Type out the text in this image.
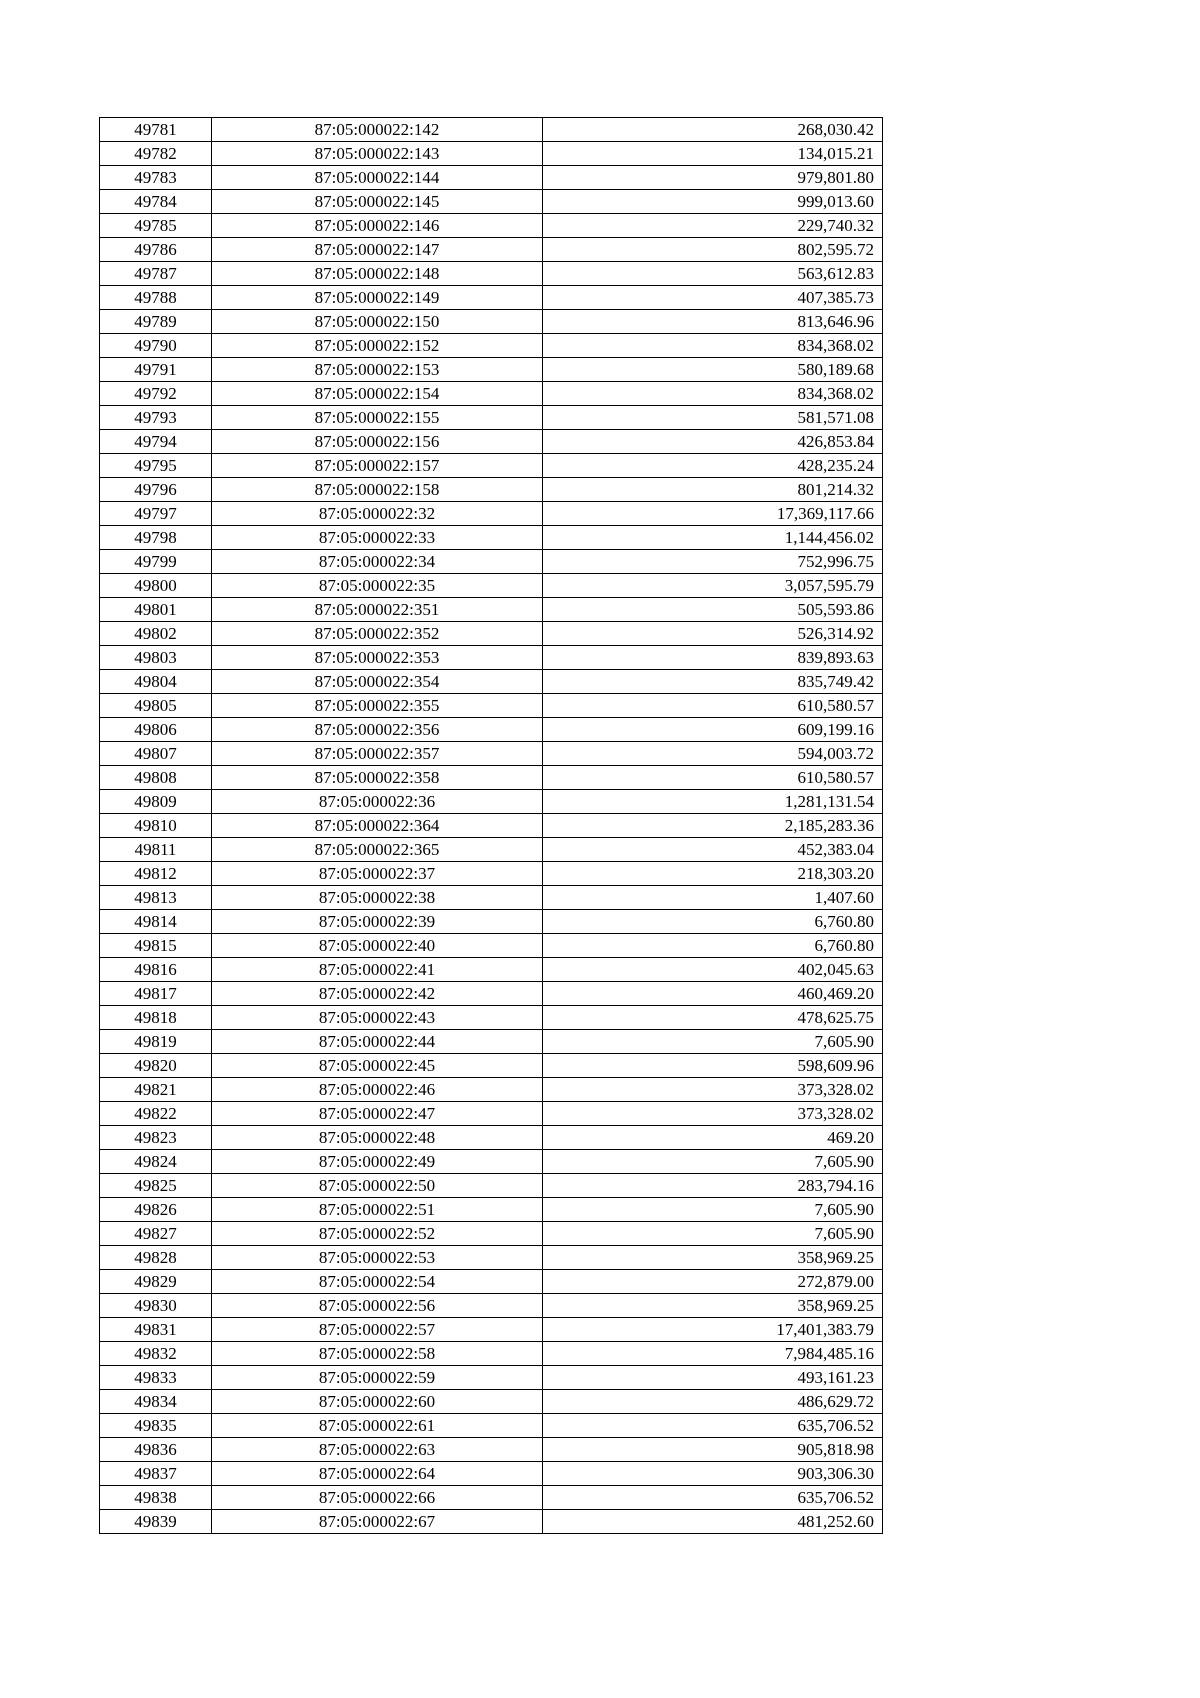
49781	87:05:000022:142	268,030.42
49782	87:05:000022:143	134,015.21
49783	87:05:000022:144	979,801.80
49784	87:05:000022:145	999,013.60
49785	87:05:000022:146	229,740.32
49786	87:05:000022:147	802,595.72
49787	87:05:000022:148	563,612.83
49788	87:05:000022:149	407,385.73
49789	87:05:000022:150	813,646.96
49790	87:05:000022:152	834,368.02
49791	87:05:000022:153	580,189.68
49792	87:05:000022:154	834,368.02
49793	87:05:000022:155	581,571.08
49794	87:05:000022:156	426,853.84
49795	87:05:000022:157	428,235.24
49796	87:05:000022:158	801,214.32
49797	87:05:000022:32	17,369,117.66
49798	87:05:000022:33	1,144,456.02
49799	87:05:000022:34	752,996.75
49800	87:05:000022:35	3,057,595.79
49801	87:05:000022:351	505,593.86
49802	87:05:000022:352	526,314.92
49803	87:05:000022:353	839,893.63
49804	87:05:000022:354	835,749.42
49805	87:05:000022:355	610,580.57
49806	87:05:000022:356	609,199.16
49807	87:05:000022:357	594,003.72
49808	87:05:000022:358	610,580.57
49809	87:05:000022:36	1,281,131.54
49810	87:05:000022:364	2,185,283.36
49811	87:05:000022:365	452,383.04
49812	87:05:000022:37	218,303.20
49813	87:05:000022:38	1,407.60
49814	87:05:000022:39	6,760.80
49815	87:05:000022:40	6,760.80
49816	87:05:000022:41	402,045.63
49817	87:05:000022:42	460,469.20
49818	87:05:000022:43	478,625.75
49819	87:05:000022:44	7,605.90
49820	87:05:000022:45	598,609.96
49821	87:05:000022:46	373,328.02
49822	87:05:000022:47	373,328.02
49823	87:05:000022:48	469.20
49824	87:05:000022:49	7,605.90
49825	87:05:000022:50	283,794.16
49826	87:05:000022:51	7,605.90
49827	87:05:000022:52	7,605.90
49828	87:05:000022:53	358,969.25
49829	87:05:000022:54	272,879.00
49830	87:05:000022:56	358,969.25
49831	87:05:000022:57	17,401,383.79
49832	87:05:000022:58	7,984,485.16
49833	87:05:000022:59	493,161.23
49834	87:05:000022:60	486,629.72
49835	87:05:000022:61	635,706.52
49836	87:05:000022:63	905,818.98
49837	87:05:000022:64	903,306.30
49838	87:05:000022:66	635,706.52
49839	87:05:000022:67	481,252.60
